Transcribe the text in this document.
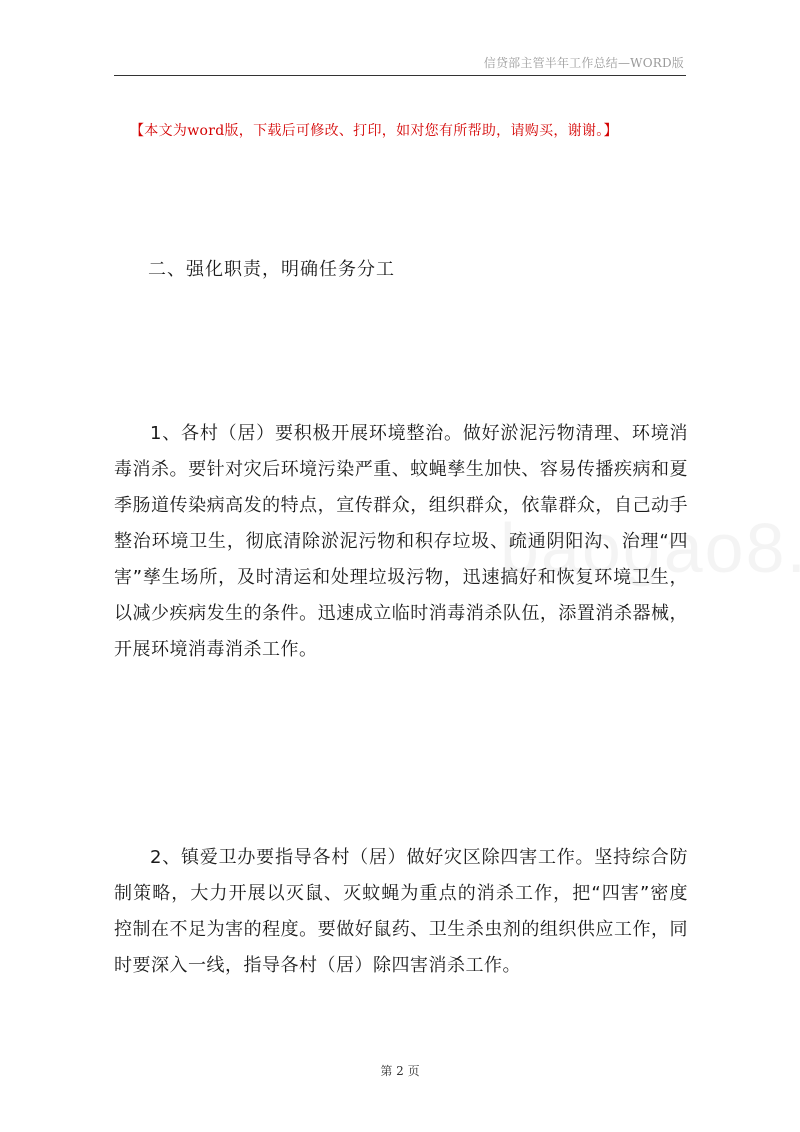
信贷部主管半年工作总结—WORD版
【本文为word版，下载后可修改、打印，如对您有所帮助，请购买，谢谢。】
二、强化职责，明确任务分工
1、各村（居）要积极开展环境整治。做好淤泥污物清理、环境消毒消杀。要针对灾后环境污染严重、蚊蝇孳生加快、容易传播疾病和夏季肠道传染病高发的特点，宣传群众，组织群众，依靠群众，自己动手整治环境卫生，彻底清除淤泥污物和积存垃圾、疏通阴阳沟、治理“四害”孳生场所，及时清运和处理垃圾污物，迅速搞好和恢复环境卫生，以减少疾病发生的条件。迅速成立临时消毒消杀队伍，添置消杀器械，开展环境消毒消杀工作。
2、镇爱卫办要指导各村（居）做好灾区除四害工作。坚持综合防制策略，大力开展以灭鼠、灭蚊蝇为重点的消杀工作，把“四害”密度控制在不足为害的程度。要做好鼠药、卫生杀虫剂的组织供应工作，同时要深入一线，指导各村（居）除四害消杀工作。
第 2 页
